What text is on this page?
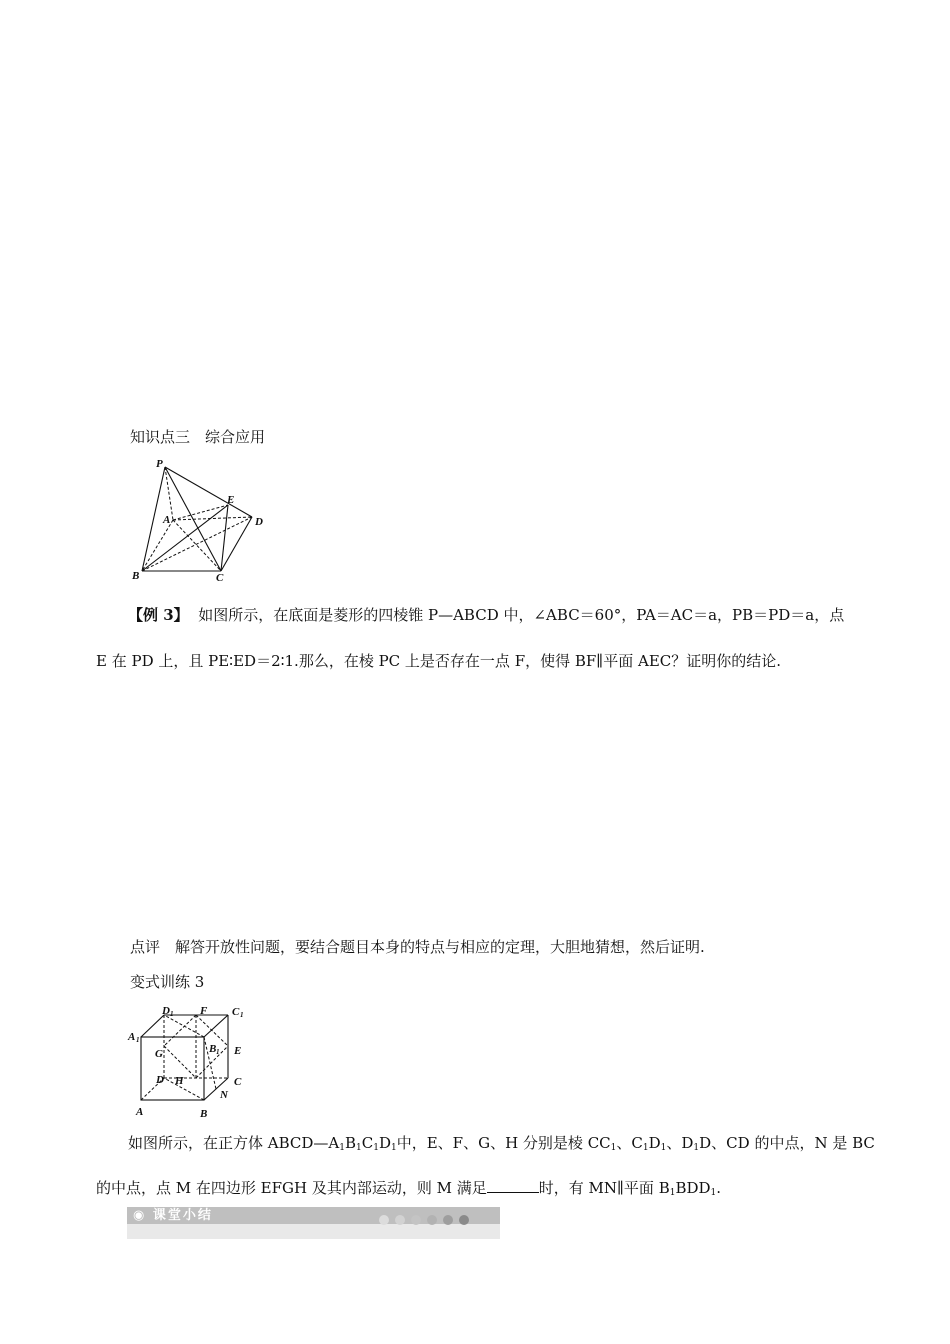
知识点三　综合应用
P
E
A	D
B	C
【例 3】 如图所示，在底面是菱形的四棱锥 P—ABCD 中，∠ABC＝60°，PA＝AC＝a，PB＝PD＝a，点
E 在 PD 上，且 PE∶ED＝2∶1.那么，在棱 PC 上是否存在一点 F，使得 BF∥平面 AEC？证明你的结论.
点评　解答开放性问题，要结合题目本身的特点与相应的定理，大胆地猜想，然后证明.
变式训练 3
D 1 F C 1
A 1
G	B 1 E
D H	C
N
A	B
如图所示，在正方体 $ABCD—A_1B_1C_1D_1$中，E、F、G、H 分别是棱 $CC_1$、$C_1D_1$、$D_1D$、CD 的中点，N 是 BC
的中点，点 M 在四边形 EFGH 及其内部运动，则 M 满足	时，有 MN∥平面 $B_1BDD_1$.
◉ 课堂小结
